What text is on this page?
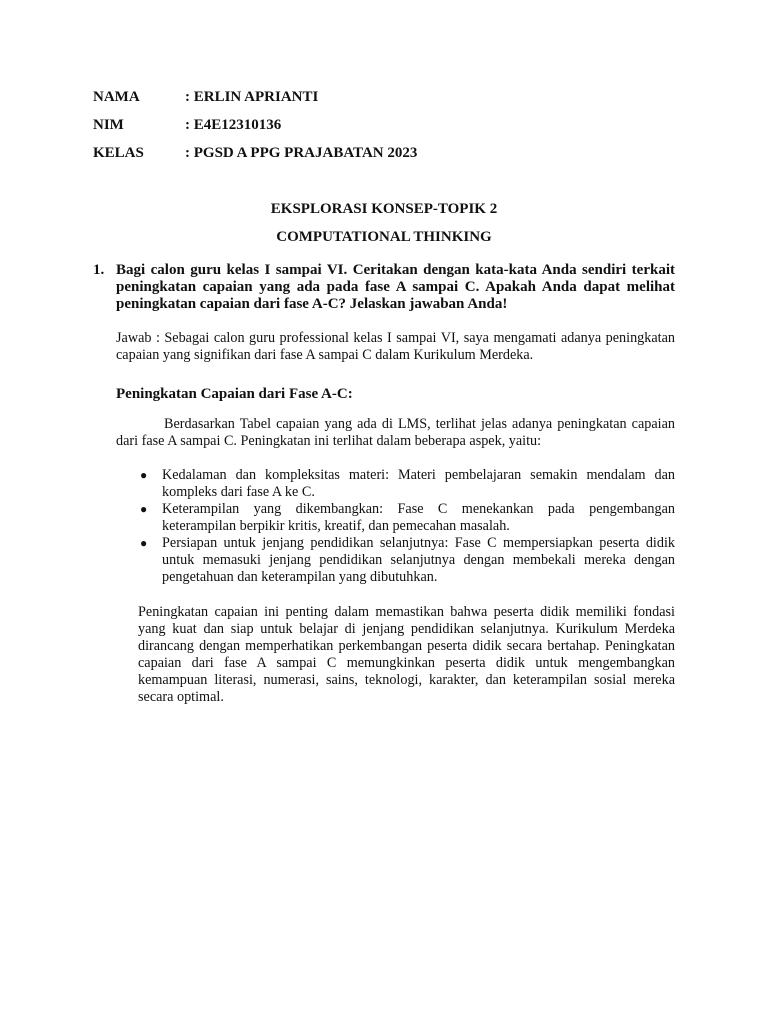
NAMA	: ERLIN APRIANTI
NIM	: E4E12310136
KELAS	: PGSD A PPG PRAJABATAN 2023
EKSPLORASI KONSEP-TOPIK 2
COMPUTATIONAL THINKING
1. Bagi calon guru kelas I sampai VI. Ceritakan dengan kata-kata Anda sendiri terkait peningkatan capaian yang ada pada fase A sampai C. Apakah Anda dapat melihat peningkatan capaian dari fase A-C? Jelaskan jawaban Anda!
Jawab : Sebagai calon guru professional kelas I sampai VI, saya mengamati adanya peningkatan capaian yang signifikan dari fase A sampai C dalam Kurikulum Merdeka.
Peningkatan Capaian dari Fase A-C:
Berdasarkan Tabel capaian yang ada di LMS, terlihat jelas adanya peningkatan capaian dari fase A sampai C. Peningkatan ini terlihat dalam beberapa aspek, yaitu:
● Kedalaman dan kompleksitas materi: Materi pembelajaran semakin mendalam dan kompleks dari fase A ke C.
● Keterampilan yang dikembangkan: Fase C menekankan pada pengembangan keterampilan berpikir kritis, kreatif, dan pemecahan masalah.
● Persiapan untuk jenjang pendidikan selanjutnya: Fase C mempersiapkan peserta didik untuk memasuki jenjang pendidikan selanjutnya dengan membekali mereka dengan pengetahuan dan keterampilan yang dibutuhkan.
Peningkatan capaian ini penting dalam memastikan bahwa peserta didik memiliki fondasi yang kuat dan siap untuk belajar di jenjang pendidikan selanjutnya. Kurikulum Merdeka dirancang dengan memperhatikan perkembangan peserta didik secara bertahap. Peningkatan capaian dari fase A sampai C memungkinkan peserta didik untuk mengembangkan kemampuan literasi, numerasi, sains, teknologi, karakter, dan keterampilan sosial mereka secara optimal.
